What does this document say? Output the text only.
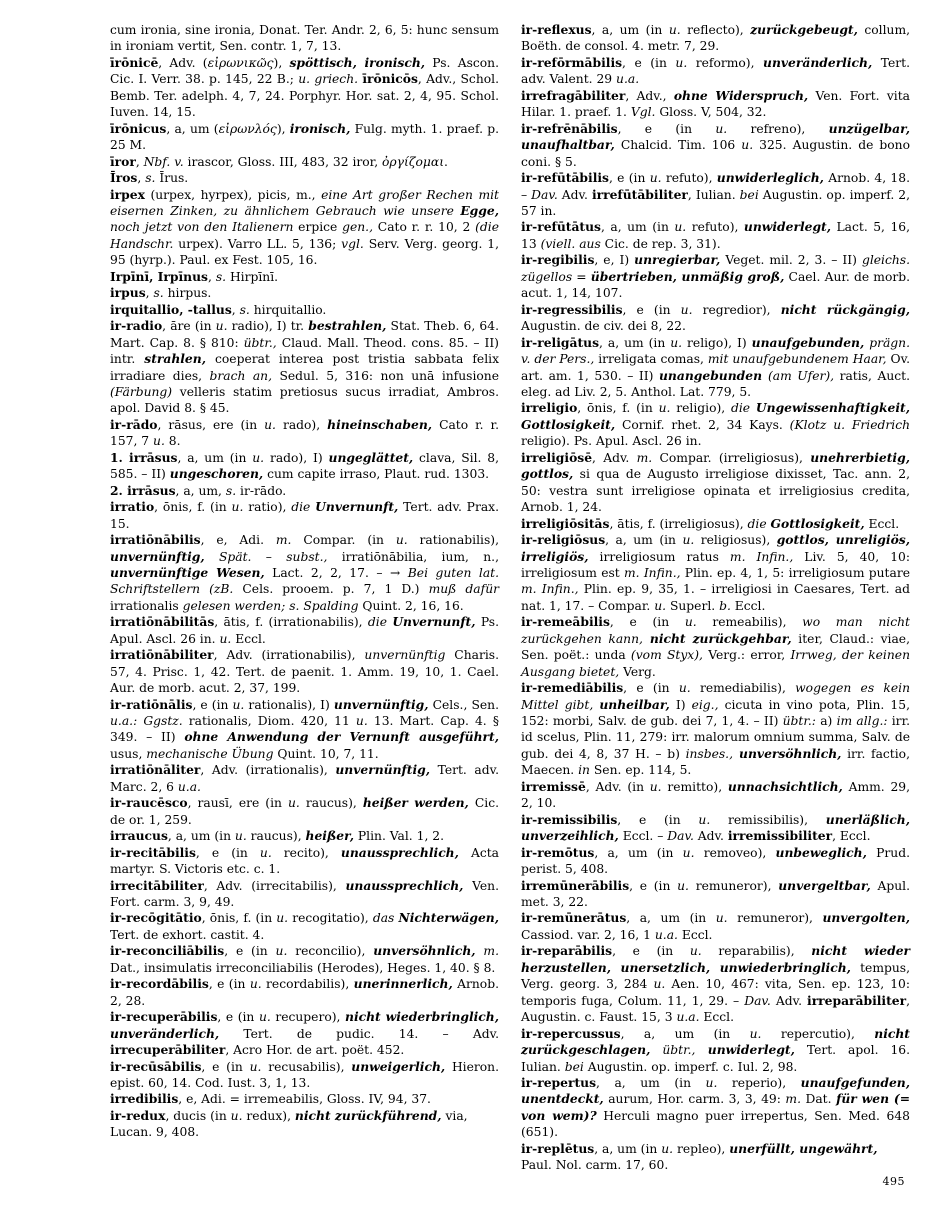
cum ironia, sine ironia, Donat. Ter. Andr. 2, 6, 5: hunc sensum in ironiam vertit, Sen. contr. 1, 7, 13.

īrōnicē, Adv. (εἰρωνικῶς), spöttisch, ironisch, Ps. Ascon. Cic. I. Verr. 38. p. 145, 22 B.; u. griech. īrōnicōs, Adv., Schol. Bemb. Ter. adelph. 4, 7, 24. Porphyr. Hor. sat. 2, 4, 95. Schol. Iuven. 14, 15.

īrōnicus, a, um (εἰρωνλός), ironisch, Fulg. myth. 1. praef. p. 25 M.

īror, Nbf. v. irascor, Gloss. III, 483, 32 iror, ὀργίζομαι.

Īros, s. Īrus.

irpex (urpex, hyrpex), picis, m., eine Art großer Rechen mit eisernen Zinken, zu ähnlichem Gebrauch wie unsere Egge, noch jetzt von den Italienern erpice gen., Cato r. r. 10, 2 (die Handschr. urpex). Varro LL. 5, 136; vgl. Serv. Verg. georg. 1, 95 (hyrp.). Paul. ex Fest. 105, 16.

Irpīnī, Irpīnus, s. Hirpīnī.

irpus, s. hirpus.

irquitallio, -tallus, s. hirquitallio.

ir-radio, āre (in u. radio), I) tr. bestrahlen, Stat. Theb. 6, 64. Mart. Cap. 8. § 810: übtr., Claud. Mall. Theod. cons. 85. – II) intr. strahlen, coeperat interea post tristia sabbata felix irradiare dies, brach an, Sedul. 5, 316: non unā infusione (Färbung) velleris statim pretiosus sucus irradiat, Ambros. apol. David 8. § 45.

ir-rādo, rāsus, ere (in u. rado), hineinschaben, Cato r. r. 157, 7 u. 8.

1. irrāsus, a, um (in u. rado), I) ungeglättet, clava, Sil. 8, 585. – II) ungeschoren, cum capite irraso, Plaut. rud. 1303.

2. irrāsus, a, um, s. ir-rādo.

irratio, ōnis, f. (in u. ratio), die Unvernunft, Tert. adv. Prax. 15.

irratiōnābilis, e, Adi. m. Compar. (in u. rationabilis), unvernünftig, Spät. – subst., irratiōnābilia, ium, n., unvernünftige Wesen, Lact. 2, 2, 17. – → Bei guten lat. Schriftstellern (zB. Cels. prooem. p. 7, 1 D.) muß dafür irrationalis gelesen werden; s. Spalding Quint. 2, 16, 16.

irratiōnābilitās, ātis, f. (irrationabilis), die Unvernunft, Ps. Apul. Ascl. 26 in. u. Eccl.

irratiōnābiliter, Adv. (irrationabilis), unvernünftig Charis. 57, 4. Prisc. 1, 42. Tert. de paenit. 1. Amm. 19, 10, 1. Cael. Aur. de morb. acut. 2, 37, 199.

ir-ratiōnālis, e (in u. rationalis), I) unvernünftig, Cels., Sen. u.a.: Ggstz. rationalis, Diom. 420, 11 u. 13. Mart. Cap. 4. § 349. – II) ohne Anwendung der Vernunft ausgeführt, usus, mechanische Übung Quint. 10, 7, 11.

irratiōnāliter, Adv. (irrationalis), unvernünftig, Tert. adv. Marc. 2, 6 u.a.

ir-raucēsco, rausī, ere (in u. raucus), heißer werden, Cic. de or. 1, 259.

irraucus, a, um (in u. raucus), heißer, Plin. Val. 1, 2.

ir-recitābilis, e (in u. recito), unaussprechlich, Acta martyr. S. Victoris etc. c. 1.

irrecitābiliter, Adv. (irrecitabilis), unaussprechlich, Ven. Fort. carm. 3, 9, 49.

ir-recōgitātio, ōnis, f. (in u. recogitatio), das Nichterwägen, Tert. de exhort. castit. 4.

ir-reconciliābilis, e (in u. reconcilio), unversöhnlich, m. Dat., insimulatis irreconciliabilis (Herodes), Heges. 1, 40. § 8.

ir-recordābilis, e (in u. recordabilis), unerinnerlich, Arnob. 2, 28.

ir-recuperābilis, e (in u. recupero), nicht wiederbringlich, unveränderlich, Tert. de pudic. 14. – Adv. irrecuperābiliter, Acro Hor. de art. poët. 452.

ir-recūsābilis, e (in u. recusabilis), unweigerlich, Hieron. epist. 60, 14. Cod. Iust. 3, 1, 13.

irredibilis, e, Adi. = irremeabilis, Gloss. IV, 94, 37.

ir-redux, ducis (in u. redux), nicht zurückführend, via, Lucan. 9, 408.

ir-reflexus, a, um (in u. reflecto), zurückgebeugt, collum, Boëth. de consol. 4. metr. 7, 29.

ir-refōrmābilis, e (in u. reformo), unveränderlich, Tert. adv. Valent. 29 u.a.

irrefragābiliter, Adv., ohne Widerspruch, Ven. Fort. vita Hilar. 1. praef. 1. Vgl. Gloss. V, 504, 32.

ir-refrēnābilis, e (in u. refreno), unzügelbar, unaufhaltbar, Chalcid. Tim. 106 u. 325. Augustin. de bono coni. § 5.

ir-refūtābilis, e (in u. refuto), unwiderleglich, Arnob. 4, 18. – Dav. Adv. irrefūtābiliter, Iulian. bei Augustin. op. imperf. 2, 57 in.

ir-refūtātus, a, um (in u. refuto), unwiderlegt, Lact. 5, 16, 13 (viell. aus Cic. de rep. 3, 31).

ir-regibilis, e, I) unregierbar, Veget. mil. 2, 3. – II) gleichs. zügellos = übertrieben, unmäßig groß, Cael. Aur. de morb. acut. 1, 14, 107.

ir-regressibilis, e (in u. regredior), nicht rückgängig, Augustin. de civ. dei 8, 22.

ir-religātus, a, um (in u. religo), I) unaufgebunden, prägn. v. der Pers., irreligata comas, mit unaufgebundenem Haar, Ov. art. am. 1, 530. – II) unangebunden (am Ufer), ratis, Auct. eleg. ad Liv. 2, 5. Anthol. Lat. 779, 5.

irreligio, ōnis, f. (in u. religio), die Ungewissenhaftigkeit, Gottlosigkeit, Cornif. rhet. 2, 34 Kays. (Klotz u. Friedrich religio). Ps. Apul. Ascl. 26 in.

irreligiōsē, Adv. m. Compar. (irreligiosus), unehrerbietig, gottlos, si qua de Augusto irreligiose dixisset, Tac. ann. 2, 50: vestra sunt irreligiose opinata et irreligiosius credita, Arnob. 1, 24.

irreligiōsitās, ātis, f. (irreligiosus), die Gottlosigkeit, Eccl.

ir-religiōsus, a, um (in u. religiosus), gottlos, unreligiös, irreligiös, irreligiosum ratus m. Infin., Liv. 5, 40, 10: irreligiosum est m. Infin., Plin. ep. 4, 1, 5: irreligiosum putare m. Infin., Plin. ep. 9, 35, 1. – irreligiosi in Caesares, Tert. ad nat. 1, 17. – Compar. u. Superl. b. Eccl.

ir-remeābilis, e (in u. remeabilis), wo man nicht zurückgehen kann, nicht zurückgehbar, iter, Claud.: viae, Sen. poët.: unda (vom Styx), Verg.: error, Irrweg, der keinen Ausgang bietet, Verg.

ir-remediābilis, e (in u. remediabilis), wogegen es kein Mittel gibt, unheilbar, I) eig., cicuta in vino pota, Plin. 15, 152: morbi, Salv. de gub. dei 7, 1, 4. – II) übtr.: a) im allg.: irr. id scelus, Plin. 11, 279: irr. malorum omnium summa, Salv. de gub. dei 4, 8, 37 H. – b) insbes., unversöhnlich, irr. factio, Maecen. in Sen. ep. 114, 5.

irremissē, Adv. (in u. remitto), unnachsichtlich, Amm. 29, 2, 10.

ir-remissibilis, e (in u. remissibilis), unerläßlich, unverzeihlich, Eccl. – Dav. Adv. irremissibiliter, Eccl.

ir-remōtus, a, um (in u. removeo), unbeweglich, Prud. perist. 5, 408.

irremūnerābilis, e (in u. remuneror), unvergeltbar, Apul. met. 3, 22.

ir-remūnerātus, a, um (in u. remuneror), unvergolten, Cassiod. var. 2, 16, 1 u.a. Eccl.

ir-reparābilis, e (in u. reparabilis), nicht wieder herzustellen, unersetzlich, unwiederbringlich, tempus, Verg. georg. 3, 284 u. Aen. 10, 467: vita, Sen. ep. 123, 10: temporis fuga, Colum. 11, 1, 29. – Dav. Adv. irreparābiliter, Augustin. c. Faust. 15, 3 u.a. Eccl.

ir-repercussus, a, um (in u. repercutio), nicht zurückgeschlagen, übtr., unwiderlegt, Tert. apol. 16. Iulian. bei Augustin. op. imperf. c. Iul. 2, 98.

ir-repertus, a, um (in u. reperio), unaufgefunden, unentdeckt, aurum, Hor. carm. 3, 3, 49: m. Dat. für wen (= von wem)? Herculi magno puer irrepertus, Sen. Med. 648 (651).

ir-replētus, a, um (in u. repleo), unerfüllt, ungewährt, Paul. Nol. carm. 17, 60.

495
